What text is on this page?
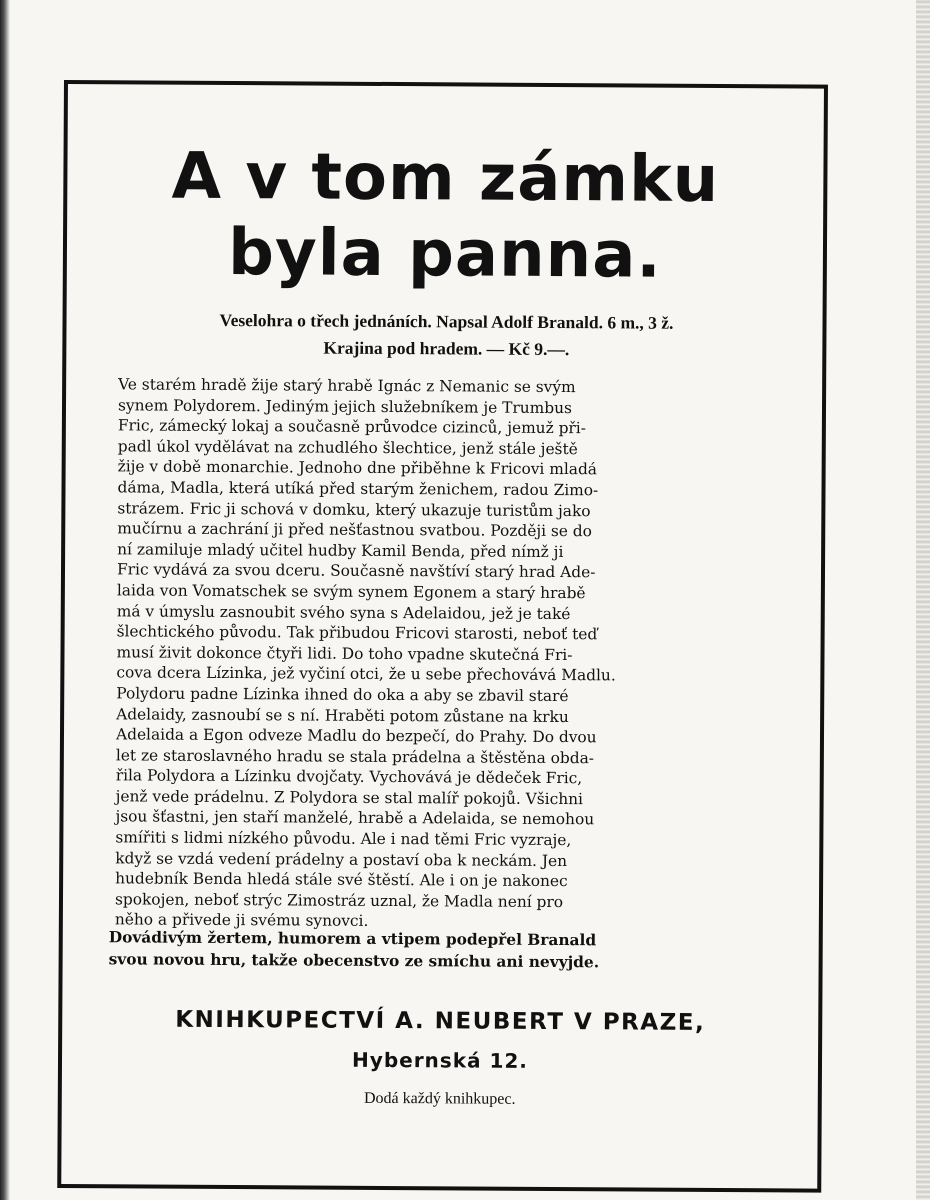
A v tom zámku
byla panna.

Veselohra o třech jednáních. Napsal Adolf Branald. 6 m., 3 ž.
Krajina pod hradem. — Kč 9.—.

Ve starém hradě žije starý hrabě Ignác z Nemanic se svým
synem Polydorem. Jediným jejich služebníkem je Trumbus
Fric, zámecký lokaj a současně průvodce cizinců, jemuž při-
padl úkol vydělávat na zchudlého šlechtice, jenž stále ještě
žije v době monarchie. Jednoho dne přiběhne k Fricovi mladá
dáma, Madla, která utíká před starým ženichem, radou Zimo-
strázem. Fric ji schová v domku, který ukazuje turistům jako
mučírnu a zachrání ji před nešťastnou svatbou. Později se do
ní zamiluje mladý učitel hudby Kamil Benda, před nímž ji
Fric vydává za svou dceru. Současně navštíví starý hrad Ade-
laida von Vomatschek se svým synem Egonem a starý hrabě
má v úmyslu zasnoubit svého syna s Adelaidou, jež je také
šlechtického původu. Tak přibudou Fricovi starosti, neboť teď
musí živit dokonce čtyři lidi. Do toho vpadne skutečná Fri-
cova dcera Lízinka, jež vyčiní otci, že u sebe přechovává Madlu.
Polydoru padne Lízinka ihned do oka a aby se zbavil staré
Adelaidy, zasnoubí se s ní. Hraběti potom zůstane na krku
Adelaida a Egon odveze Madlu do bezpečí, do Prahy. Do dvou
let ze staroslavného hradu se stala prádelna a štěstěna obda-
řila Polydora a Lízinku dvojčaty. Vychovává je dědeček Fric,
jenž vede prádelnu. Z Polydora se stal malíř pokojů. Všichni
jsou šťastni, jen staří manželé, hrabě a Adelaida, se nemohou
smířiti s lidmi nízkého původu. Ale i nad těmi Fric vyzraje,
když se vzdá vedení prádelny a postaví oba k neckám. Jen
hudebník Benda hledá stále své štěstí. Ale i on je nakonec
spokojen, neboť strýc Zimostráz uznal, že Madla není pro
něho a přivede ji svému synovci.

Dovádivým žertem, humorem a vtipem podepřel Branald
svou novou hru, takže obecenstvo ze smíchu ani nevyjde.

KNIHKUPECTVÍ A. NEUBERT V PRAZE,

Hybernská 12.

Dodá každý knihkupec.
